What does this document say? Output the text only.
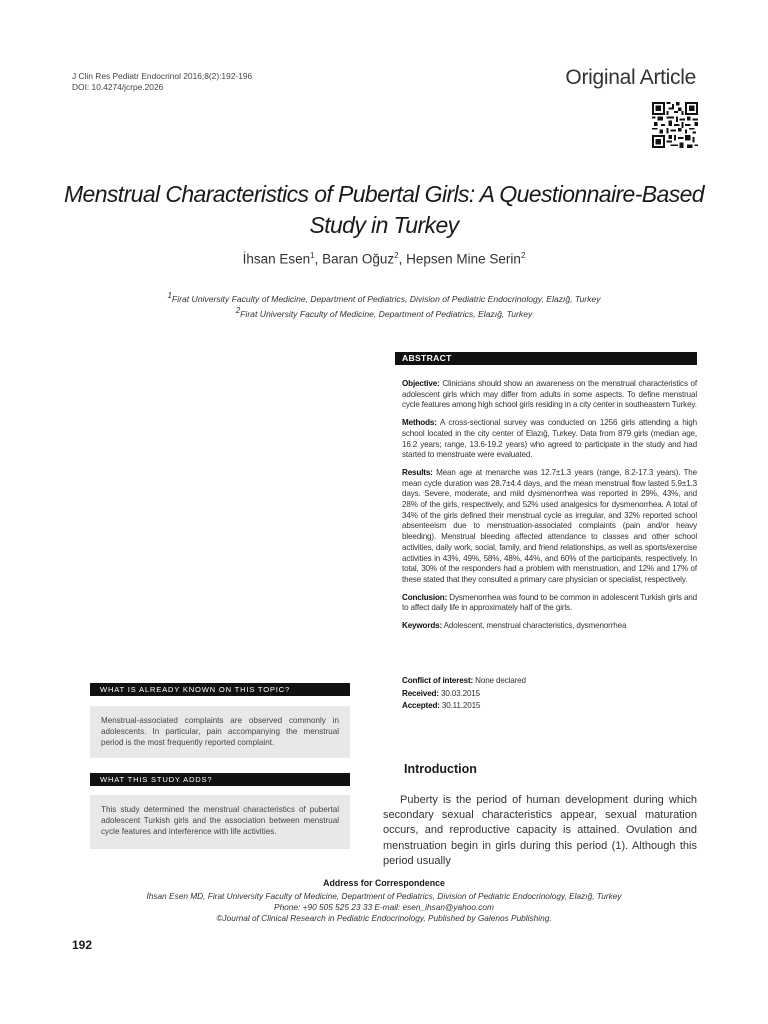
J Clin Res Pediatr Endocrinol 2016;8(2):192-196
DOI: 10.4274/jcrpe.2026	Original Article
Menstrual Characteristics of Pubertal Girls: A Questionnaire-Based
Study in Turkey
İhsan Esen$^1$, Baran Oğuz$^2$, Hepsen Mine Serin$^2$
$^1$Firat University Faculty of Medicine, Department of Pediatrics, Division of Pediatric Endocrinology, Elazığ, Turkey
$^2$Firat University Faculty of Medicine, Department of Pediatrics, Elazığ, Turkey
ABSTRACT

Objective: Clinicians should show an awareness on the menstrual characteristics of adolescent girls which may differ from adults in some aspects. To define menstrual cycle features among high school girls residing in a city center in southeastern Turkey.

Methods: A cross-sectional survey was conducted on 1256 girls attending a high school located in the city center of Elazığ, Turkey. Data from 879 girls (median age, 16.2 years; range, 13.6-19.2 years) who agreed to participate in the study and had started to menstruate were evaluated.

Results: Mean age at menarche was 12.7±1.3 years (range, 8.2-17.3 years). The mean cycle duration was 28.7±4.4 days, and the mean menstrual flow lasted 5.9±1.3 days. Severe, moderate, and mild dysmenorrhea was reported in 29%, 43%, and 28% of the girls, respectively, and 52% used analgesics for dysmenorrhea. A total of 34% of the girls defined their menstrual cycle as irregular, and 32% reported school absenteeism due to menstruation-associated complaints (pain and/or heavy bleeding). Menstrual bleeding affected attendance to classes and other school activities, daily work, social, family, and friend relationships, as well as sports/exercise activities in 43%, 49%, 58%, 48%, 44%, and 60% of the participants, respectively. In total, 30% of the responders had a problem with menstruation, and 12% and 17% of these stated that they consulted a primary care physician or specialist, respectively.

Conclusion: Dysmenorrhea was found to be common in adolescent Turkish girls and to affect daily life in approximately half of the girls.

Keywords: Adolescent, menstrual characteristics, dysmenorrhea

Conflict of interest: None declared
Received: 30.03.2015
Accepted: 30.11.2015
WHAT IS ALREADY KNOWN ON THIS TOPIC?
Menstrual-associated complaints are observed commonly in adolescents. In particular, pain accompanying the menstrual period is the most frequently reported complaint.
WHAT THIS STUDY ADDS?
This study determined the menstrual characteristics of pubertal adolescent Turkish girls and the association between menstrual cycle features and interference with life activities.
Introduction
Puberty is the period of human development during which secondary sexual characteristics appear, sexual maturation occurs, and reproductive capacity is attained. Ovulation and menstruation begin in girls during this period (1). Although this period usually
Address for Correspondence
İhsan Esen MD, Firat University Faculty of Medicine, Department of Pediatrics, Division of Pediatric Endocrinology, Elazığ, Turkey
Phone: +90 505 525 23 33 E-mail: esen_ihsan@yahoo.com
©Journal of Clinical Research in Pediatric Endocrinology, Published by Galenos Publishing.
192
